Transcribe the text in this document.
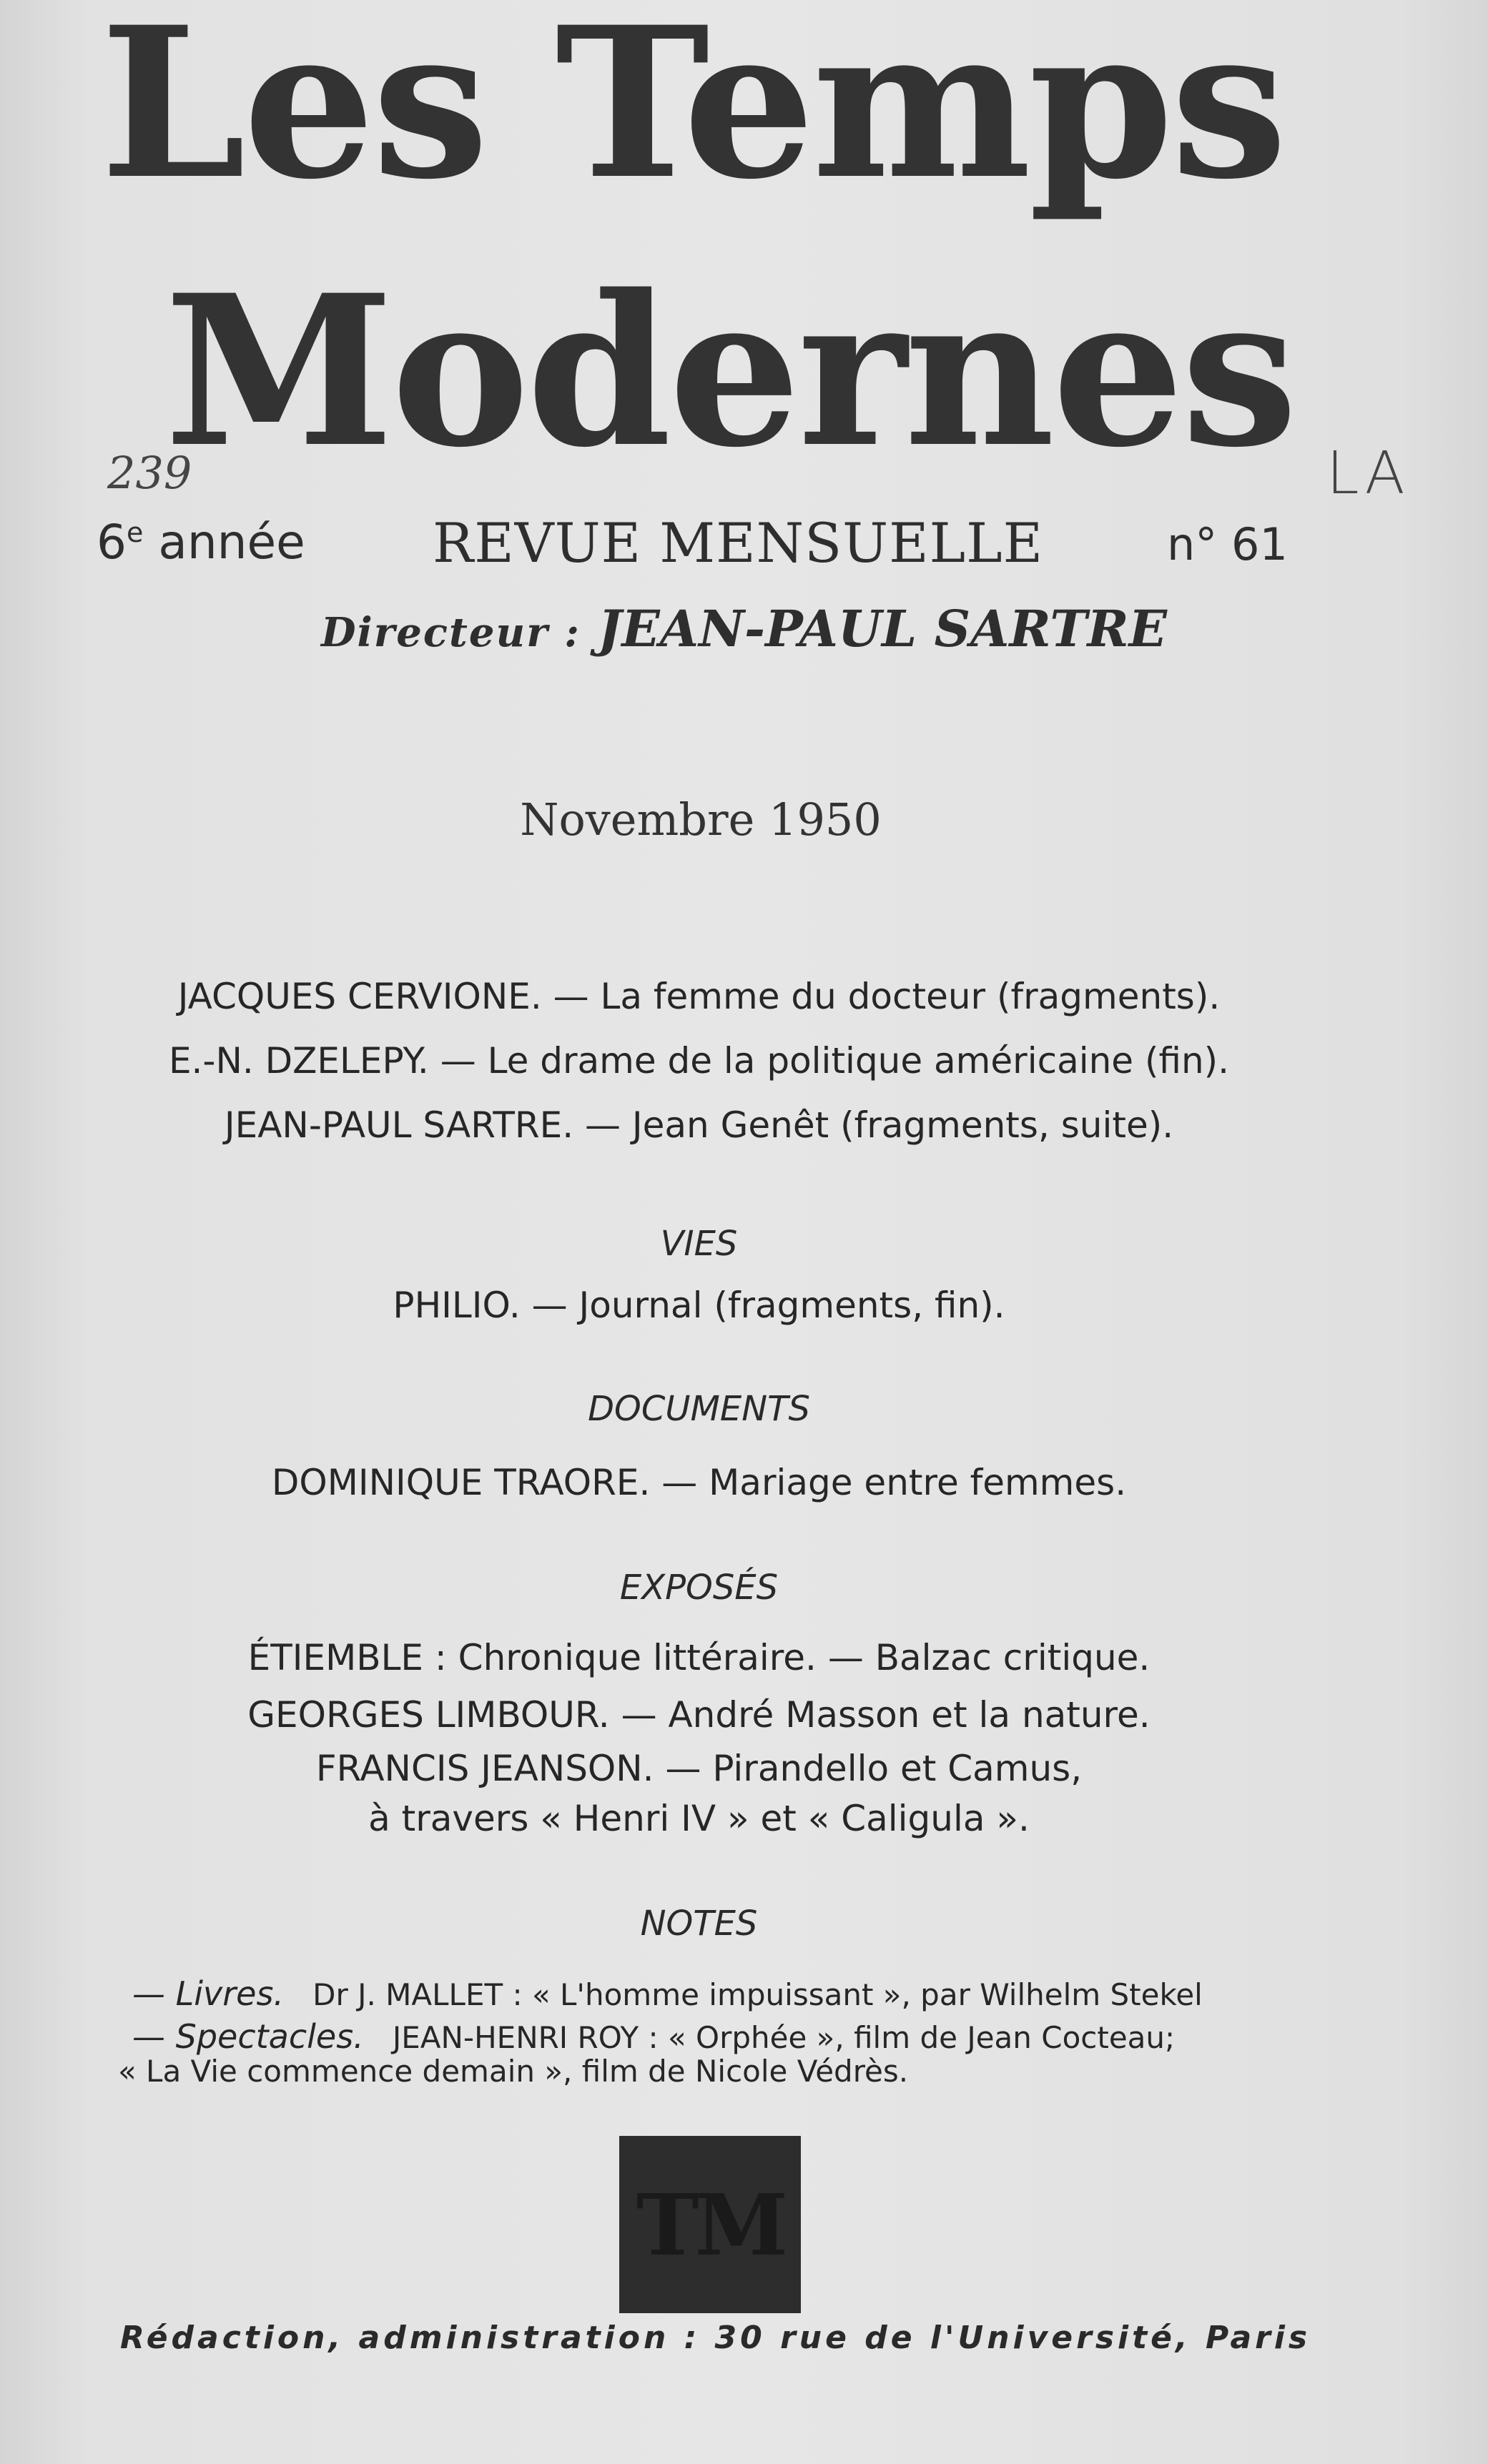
Les Temps
Modernes
239	LA
6e année REVUE MENSUELLE	n° 61
Directeur : JEAN-PAUL SARTRE
Novembre 1950
JACQUES CERVIONE. — La femme du docteur (fragments).
E.-N. DZELEPY. — Le drame de la politique américaine (fin).
JEAN-PAUL SARTRE. — Jean Genêt (fragments, suite).
VIES
PHILIO. — Journal (fragments, fin).
DOCUMENTS
DOMINIQUE TRAORE. — Mariage entre femmes.
EXPOSÉS
ÉTIEMBLE : Chronique littéraire. — Balzac critique.
GEORGES LIMBOUR. — André Masson et la nature.
FRANCIS JEANSON. — Pirandello et Camus,
à travers « Henri IV » et « Caligula ».
NOTES
— Livres. Dr J. MALLET : « L'homme impuissant », par Wilhelm Stekel
— Spectacles. JEAN-HENRI ROY : « Orphée », film de Jean Cocteau;
« La Vie commence demain », film de Nicole Védrès.
TM
Rédaction, administration : 30 rue de l'Université, Paris
